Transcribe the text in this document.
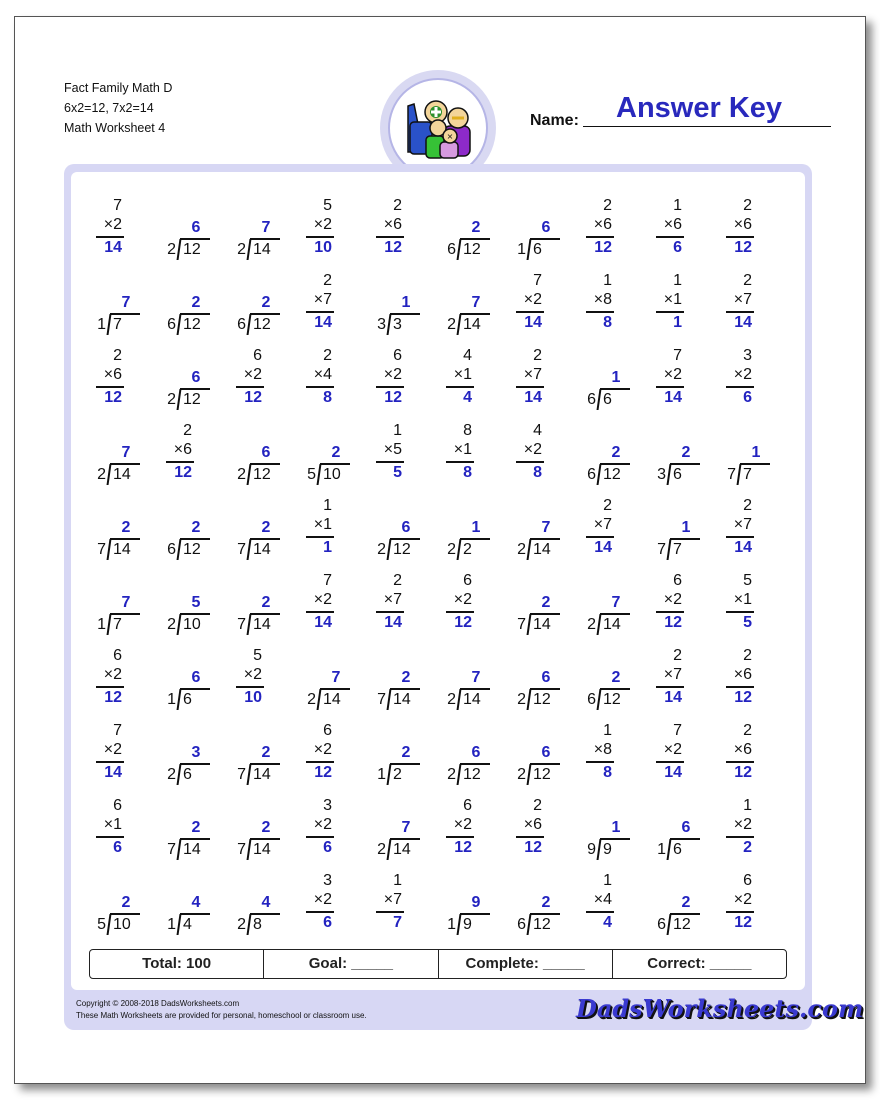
Fact Family Math D
6x2=12, 7x2=14
Math Worksheet 4
×
Name: Answer Key
7
×2
14
6
2 12
7
2 14
5
×2
10
2
×6
12
2
6 12
6
1 6
2
×6
12
1
×6
6
2
×6
12
7
1 7
2
6 12
2
6 12
2
×7
14
1
3 3
7
2 14
7
×2
14
1
×8
8
1
×1
1
2
×7
14
2
×6
12
6
2 12
6
×2
12
2
×4
8
6
×2
12
4
×1
4
2
×7
14
1
6 6
7
×2
14
3
×2
6
7
2 14
2
×6
12
6
2 12
2
5 10
1
×5
5
8
×1
8
4
×2
8
2
6 12
2
3 6
1
7 7
2
7 14
2
6 12
2
7 14
1
×1
1
6
2 12
1
2 2
7
2 14
2
×7
14
1
7 7
2
×7
14
7
1 7
5
2 10
2
7 14
7
×2
14
2
×7
14
6
×2
12
2
7 14
7
2 14
6
×2
12
5
×1
5
6
×2
12
6
1 6
5
×2
10
7
2 14
2
7 14
7
2 14
6
2 12
2
6 12
2
×7
14
2
×6
12
7
×2
14
3
2 6
2
7 14
6
×2
12
2
1 2
6
2 12
6
2 12
1
×8
8
7
×2
14
2
×6
12
6
×1
6
2
7 14
2
7 14
3
×2
6
7
2 14
6
×2
12
2
×6
12
1
9 9
6
1 6
1
×2
2
2
5 10
4
1 4
4
2 8
3
×2
6
1
×7
7
9
1 9
2
6 12
1
×4
4
2
6 12
6
×2
12
Total: 100	Goal: _____	Complete: _____	Correct: _____
Copyright © 2008-2018 DadsWorksheets.com
These Math Worksheets are provided for personal, homeschool or classroom use.	DadsWorksheets.com
